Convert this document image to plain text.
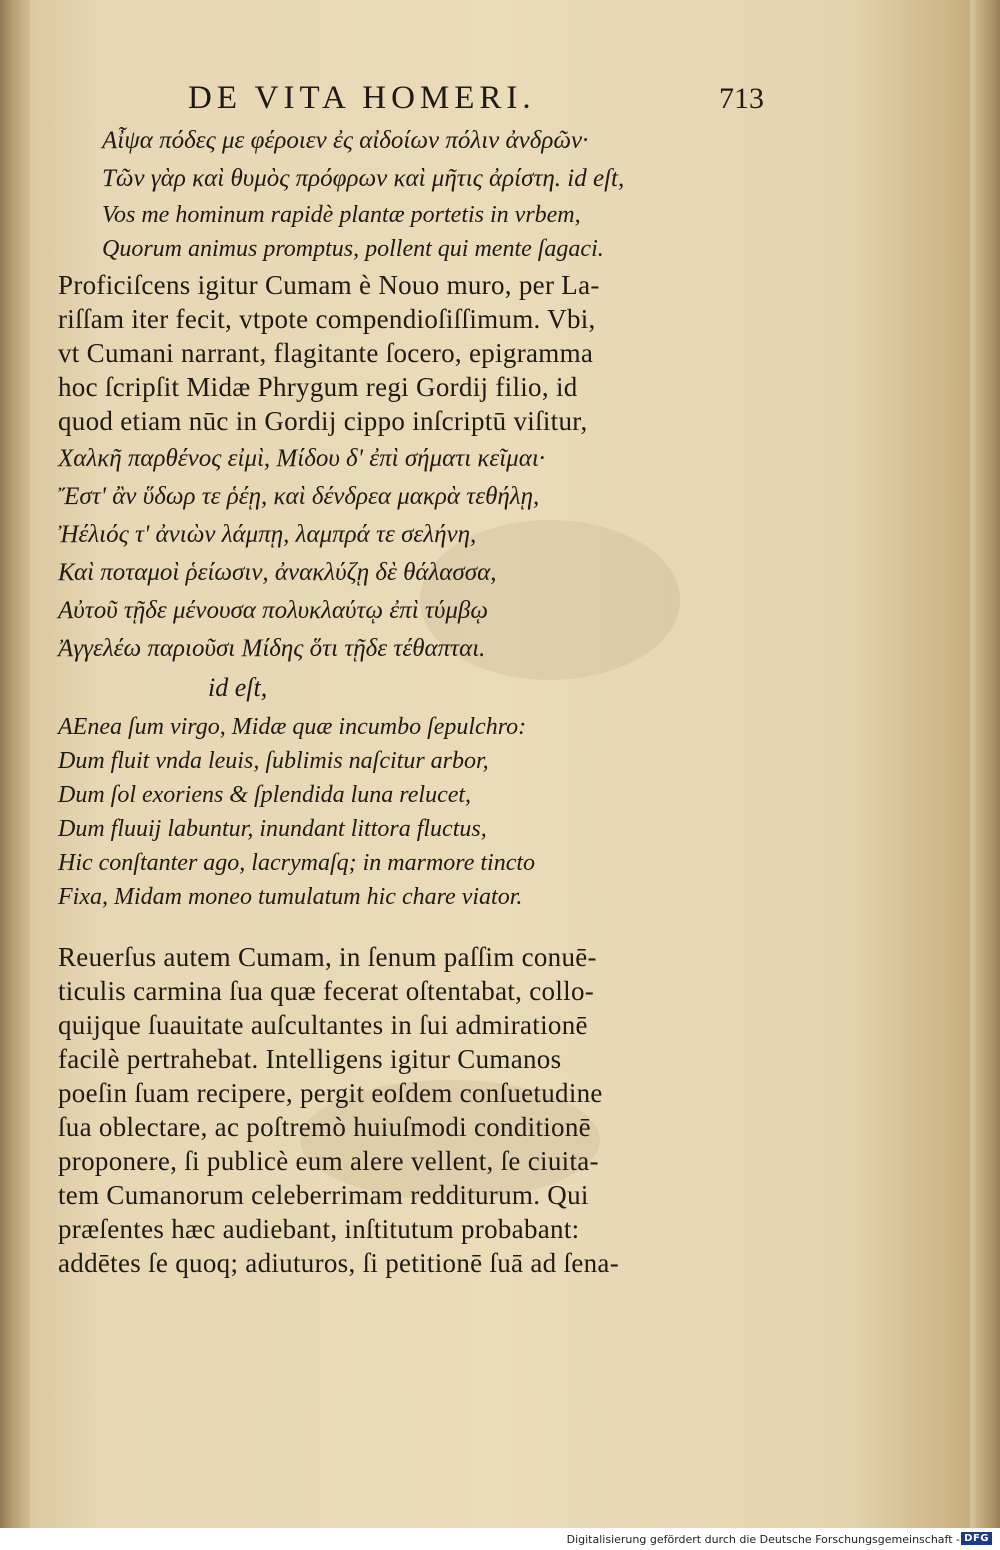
DE VITA HOMERI.	713
Αἶψα πόδες με φέροιεν ἐς αἰδοίων πόλιν ἀνδρῶν·
Τῶν γὰρ καὶ θυμὸς πρόφρων καὶ μῆτις ἀρίστη. id eſt,
Vos me hominum rapidè plantæ portetis in vrbem,
Quorum animus promptus, pollent qui mente ſagaci.
Proficiſcens igitur Cumam è Nouo muro, per La-
riſſam iter fecit, vtpote compendioſiſſimum. Vbi,
vt Cumani narrant, flagitante ſocero, epigramma
hoc ſcripſit Midæ Phrygum regi Gordij filio, id
quod etiam nūc in Gordij cippo inſcriptū viſitur,
Χαλκῆ παρθένος εἰμὶ, Μίδου δ' ἐπὶ σήματι κεῖμαι·
Ἔστ' ἂν ὕδωρ τε ῥέῃ, καὶ δένδρεα μακρὰ τεθήλῃ,
Ἠέλιός τ' ἀνιὼν λάμπῃ, λαμπρά τε σελήνη,
Καὶ ποταμοὶ ῥείωσιν, ἀνακλύζῃ δὲ θάλασσα,
Αὐτοῦ τῇδε μένουσα πολυκλαύτῳ ἐπὶ τύμβῳ
Ἀγγελέω παριοῦσι Μίδης ὅτι τῇδε τέθαπται.
id eſt,
AEnea ſum virgo, Midæ quæ incumbo ſepulchro:
Dum fluit vnda leuis, ſublimis naſcitur arbor,
Dum ſol exoriens & ſplendida luna relucet,
Dum fluuij labuntur, inundant littora fluctus,
Hic conſtanter ago, lacrymaſq; in marmore tincto
Fixa, Midam moneo tumulatum hic chare viator.
Reuerſus autem Cumam, in ſenum paſſim conuē-
ticulis carmina ſua quæ fecerat oſtentabat, collo-
quijque ſuauitate auſcultantes in ſui admirationē
facilè pertrahebat. Intelligens igitur Cumanos
poeſin ſuam recipere, pergit eoſdem conſuetudine
ſua oblectare, ac poſtremò huiuſmodi conditionē
proponere, ſi publicè eum alere vellent, ſe ciuita-
tem Cumanorum celeberrimam redditurum. Qui
præſentes hæc audiebant, inſtitutum probabant:
addētes ſe quoq; adiuturos, ſi petitionē ſuā ad ſena-
Digitalisierung gefördert durch die Deutsche Forschungsgemeinschaft - DFG
